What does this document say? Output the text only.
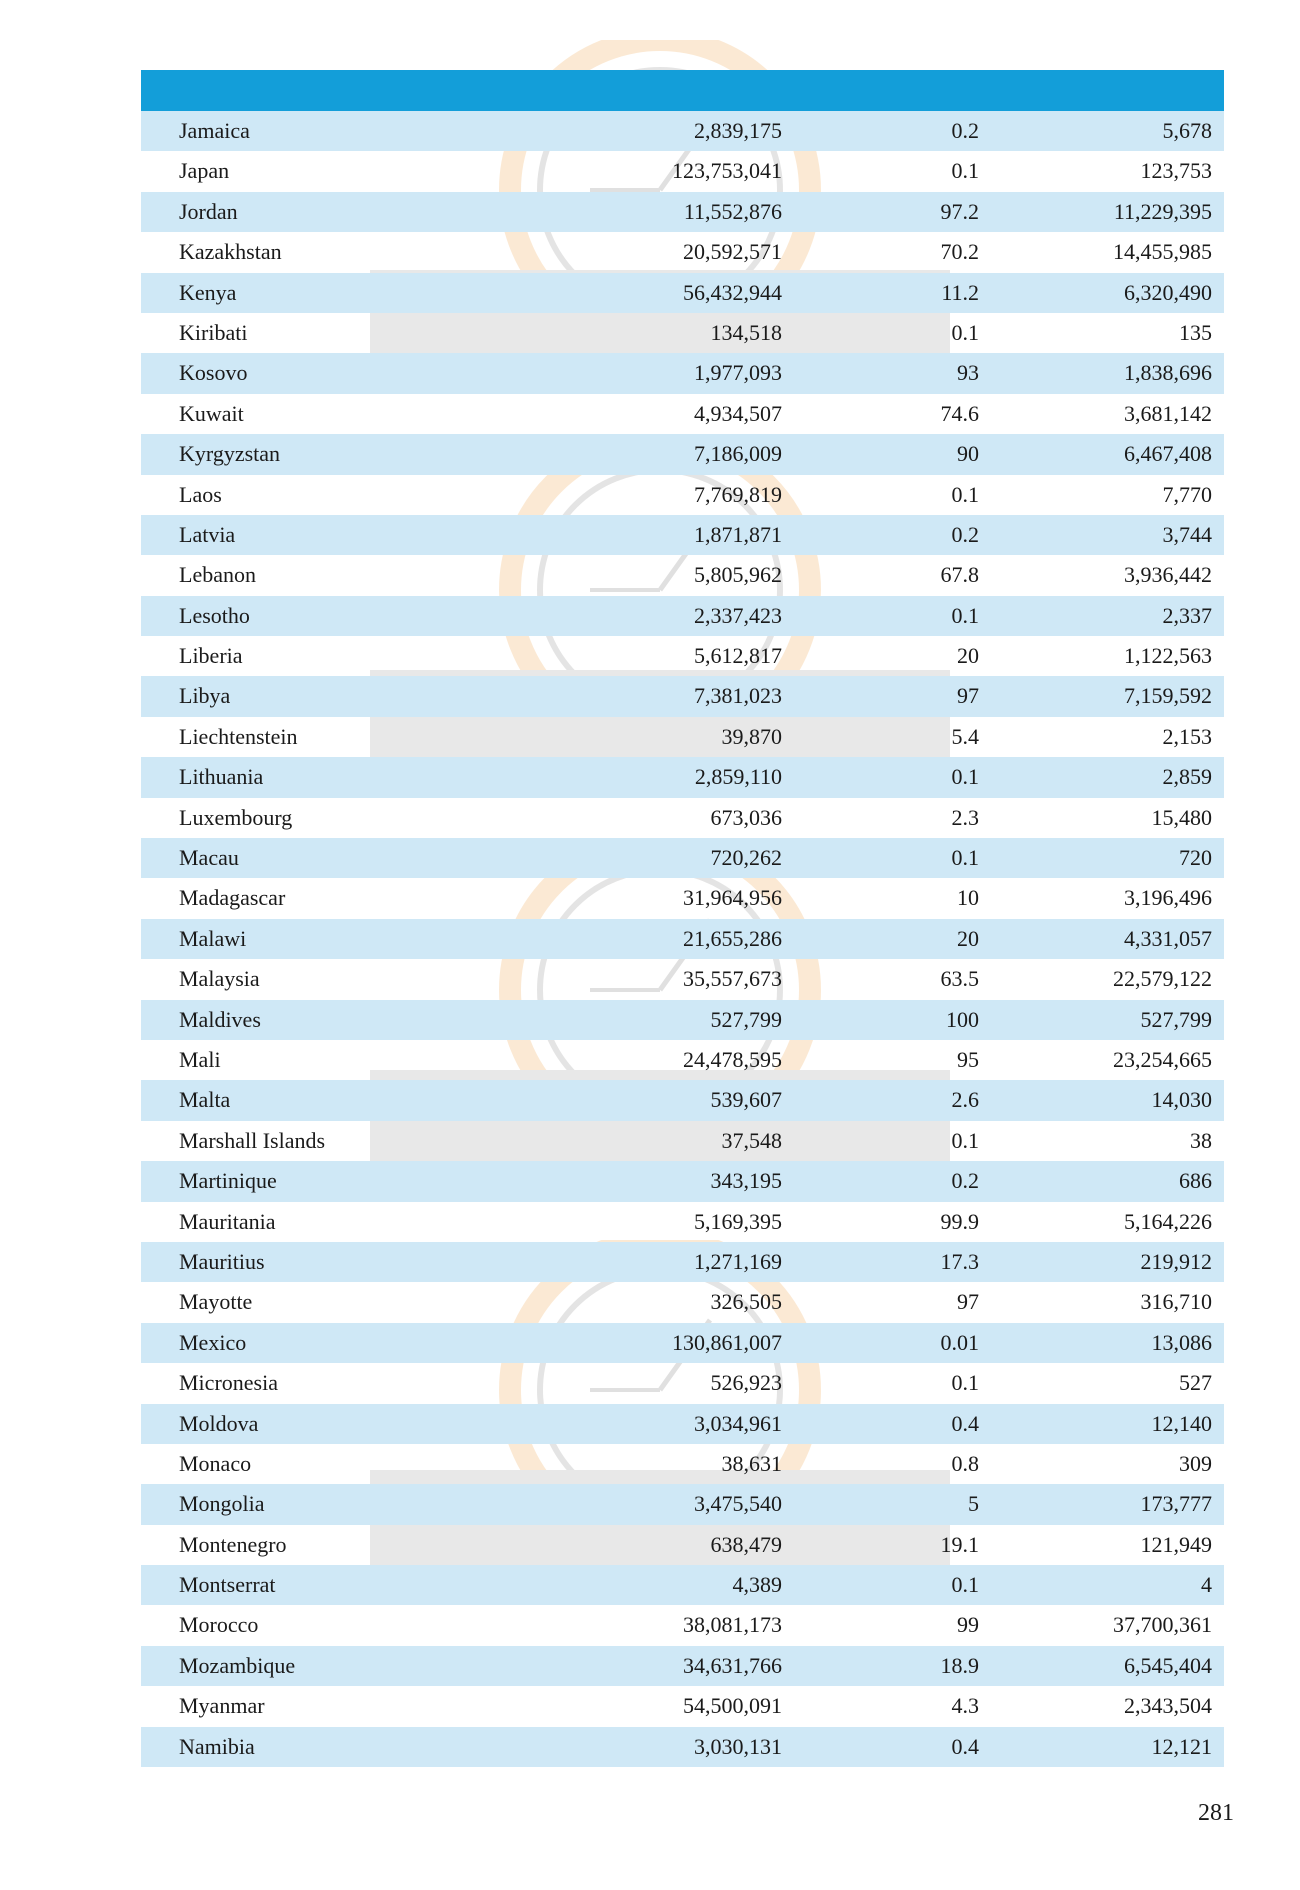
Jamaica	2,839,175	0.2	5,678
Japan	123,753,041	0.1	123,753
Jordan	11,552,876	97.2	11,229,395
Kazakhstan	20,592,571	70.2	14,455,985
Kenya	56,432,944	11.2	6,320,490
Kiribati	134,518	0.1	135
Kosovo	1,977,093	93	1,838,696
Kuwait	4,934,507	74.6	3,681,142
Kyrgyzstan	7,186,009	90	6,467,408
Laos	7,769,819	0.1	7,770
Latvia	1,871,871	0.2	3,744
Lebanon	5,805,962	67.8	3,936,442
Lesotho	2,337,423	0.1	2,337
Liberia	5,612,817	20	1,122,563
Libya	7,381,023	97	7,159,592
Liechtenstein	39,870	5.4	2,153
Lithuania	2,859,110	0.1	2,859
Luxembourg	673,036	2.3	15,480
Macau	720,262	0.1	720
Madagascar	31,964,956	10	3,196,496
Malawi	21,655,286	20	4,331,057
Malaysia	35,557,673	63.5	22,579,122
Maldives	527,799	100	527,799
Mali	24,478,595	95	23,254,665
Malta	539,607	2.6	14,030
Marshall Islands	37,548	0.1	38
Martinique	343,195	0.2	686
Mauritania	5,169,395	99.9	5,164,226
Mauritius	1,271,169	17.3	219,912
Mayotte	326,505	97	316,710
Mexico	130,861,007	0.01	13,086
Micronesia	526,923	0.1	527
Moldova	3,034,961	0.4	12,140
Monaco	38,631	0.8	309
Mongolia	3,475,540	5	173,777
Montenegro	638,479	19.1	121,949
Montserrat	4,389	0.1	4
Morocco	38,081,173	99	37,700,361
Mozambique	34,631,766	18.9	6,545,404
Myanmar	54,500,091	4.3	2,343,504
Namibia	3,030,131	0.4	12,121
281
